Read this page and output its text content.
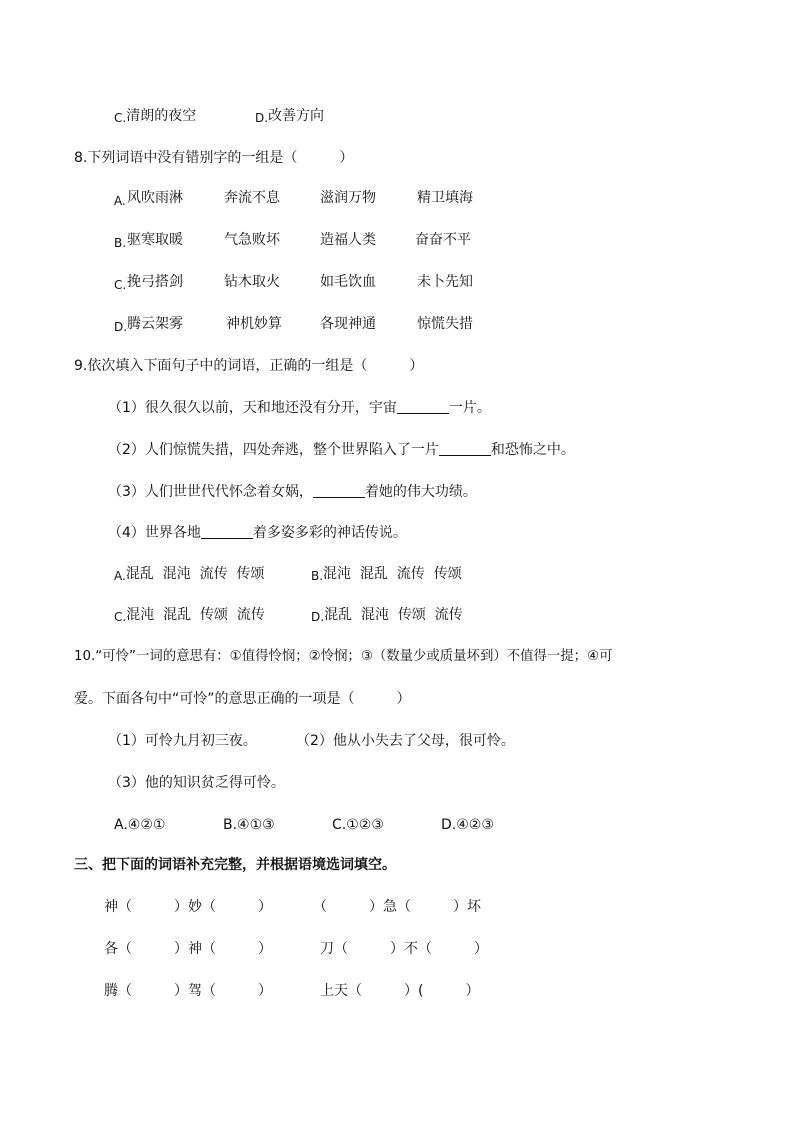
C.清朗的夜空	D.改善方向
8.下列词语中没有错别字的一组是（　　　）
A. 风吹雨淋	奔流不息	滋润万物	精卫填海
B. 驱寒取暖	气急败坏	造福人类	奋奋不平
C. 挽弓搭剑	钻木取火	如毛饮血	未卜先知
D. 腾云架雾	神机妙算	各现神通	惊慌失措
9.依次填入下面句子中的词语，正确的一组是（　　　）
（1）很久很久以前，天和地还没有分开，宇宙	一片。
（2）人们惊慌失措，四处奔逃，整个世界陷入了一片	和恐怖之中。
（3）人们世世代代怀念着女娲，	着她的伟大功绩。
（4）世界各地	着多姿多彩的神话传说。
A.混乱  混沌  流传  传颂	B.混沌  混乱  流传  传颂
C.混沌  混乱  传颂  流传	D.混乱  混沌  传颂  流传
10.“可怜”一词的意思有：①值得怜悯；②怜悯；③（数量少或质量坏到）不值得一提；④可
爱。下面各句中“可怜”的意思正确的一项是（　　　）
（1）可怜九月初三夜。	（2）他从小失去了父母，很可怜。
（3）他的知识贫乏得可怜。
A.④②①	B.④①③	C.①②③	D.④②③
三、把下面的词语补充完整，并根据语境选词填空。
神（　　　）妙（　　　）	（　　　）急（　　　）坏
各（　　　）神（　　　）	刀（　　　）不（　　　）
腾（　　　）驾（　　　）	上天（　　　）(　　　）
